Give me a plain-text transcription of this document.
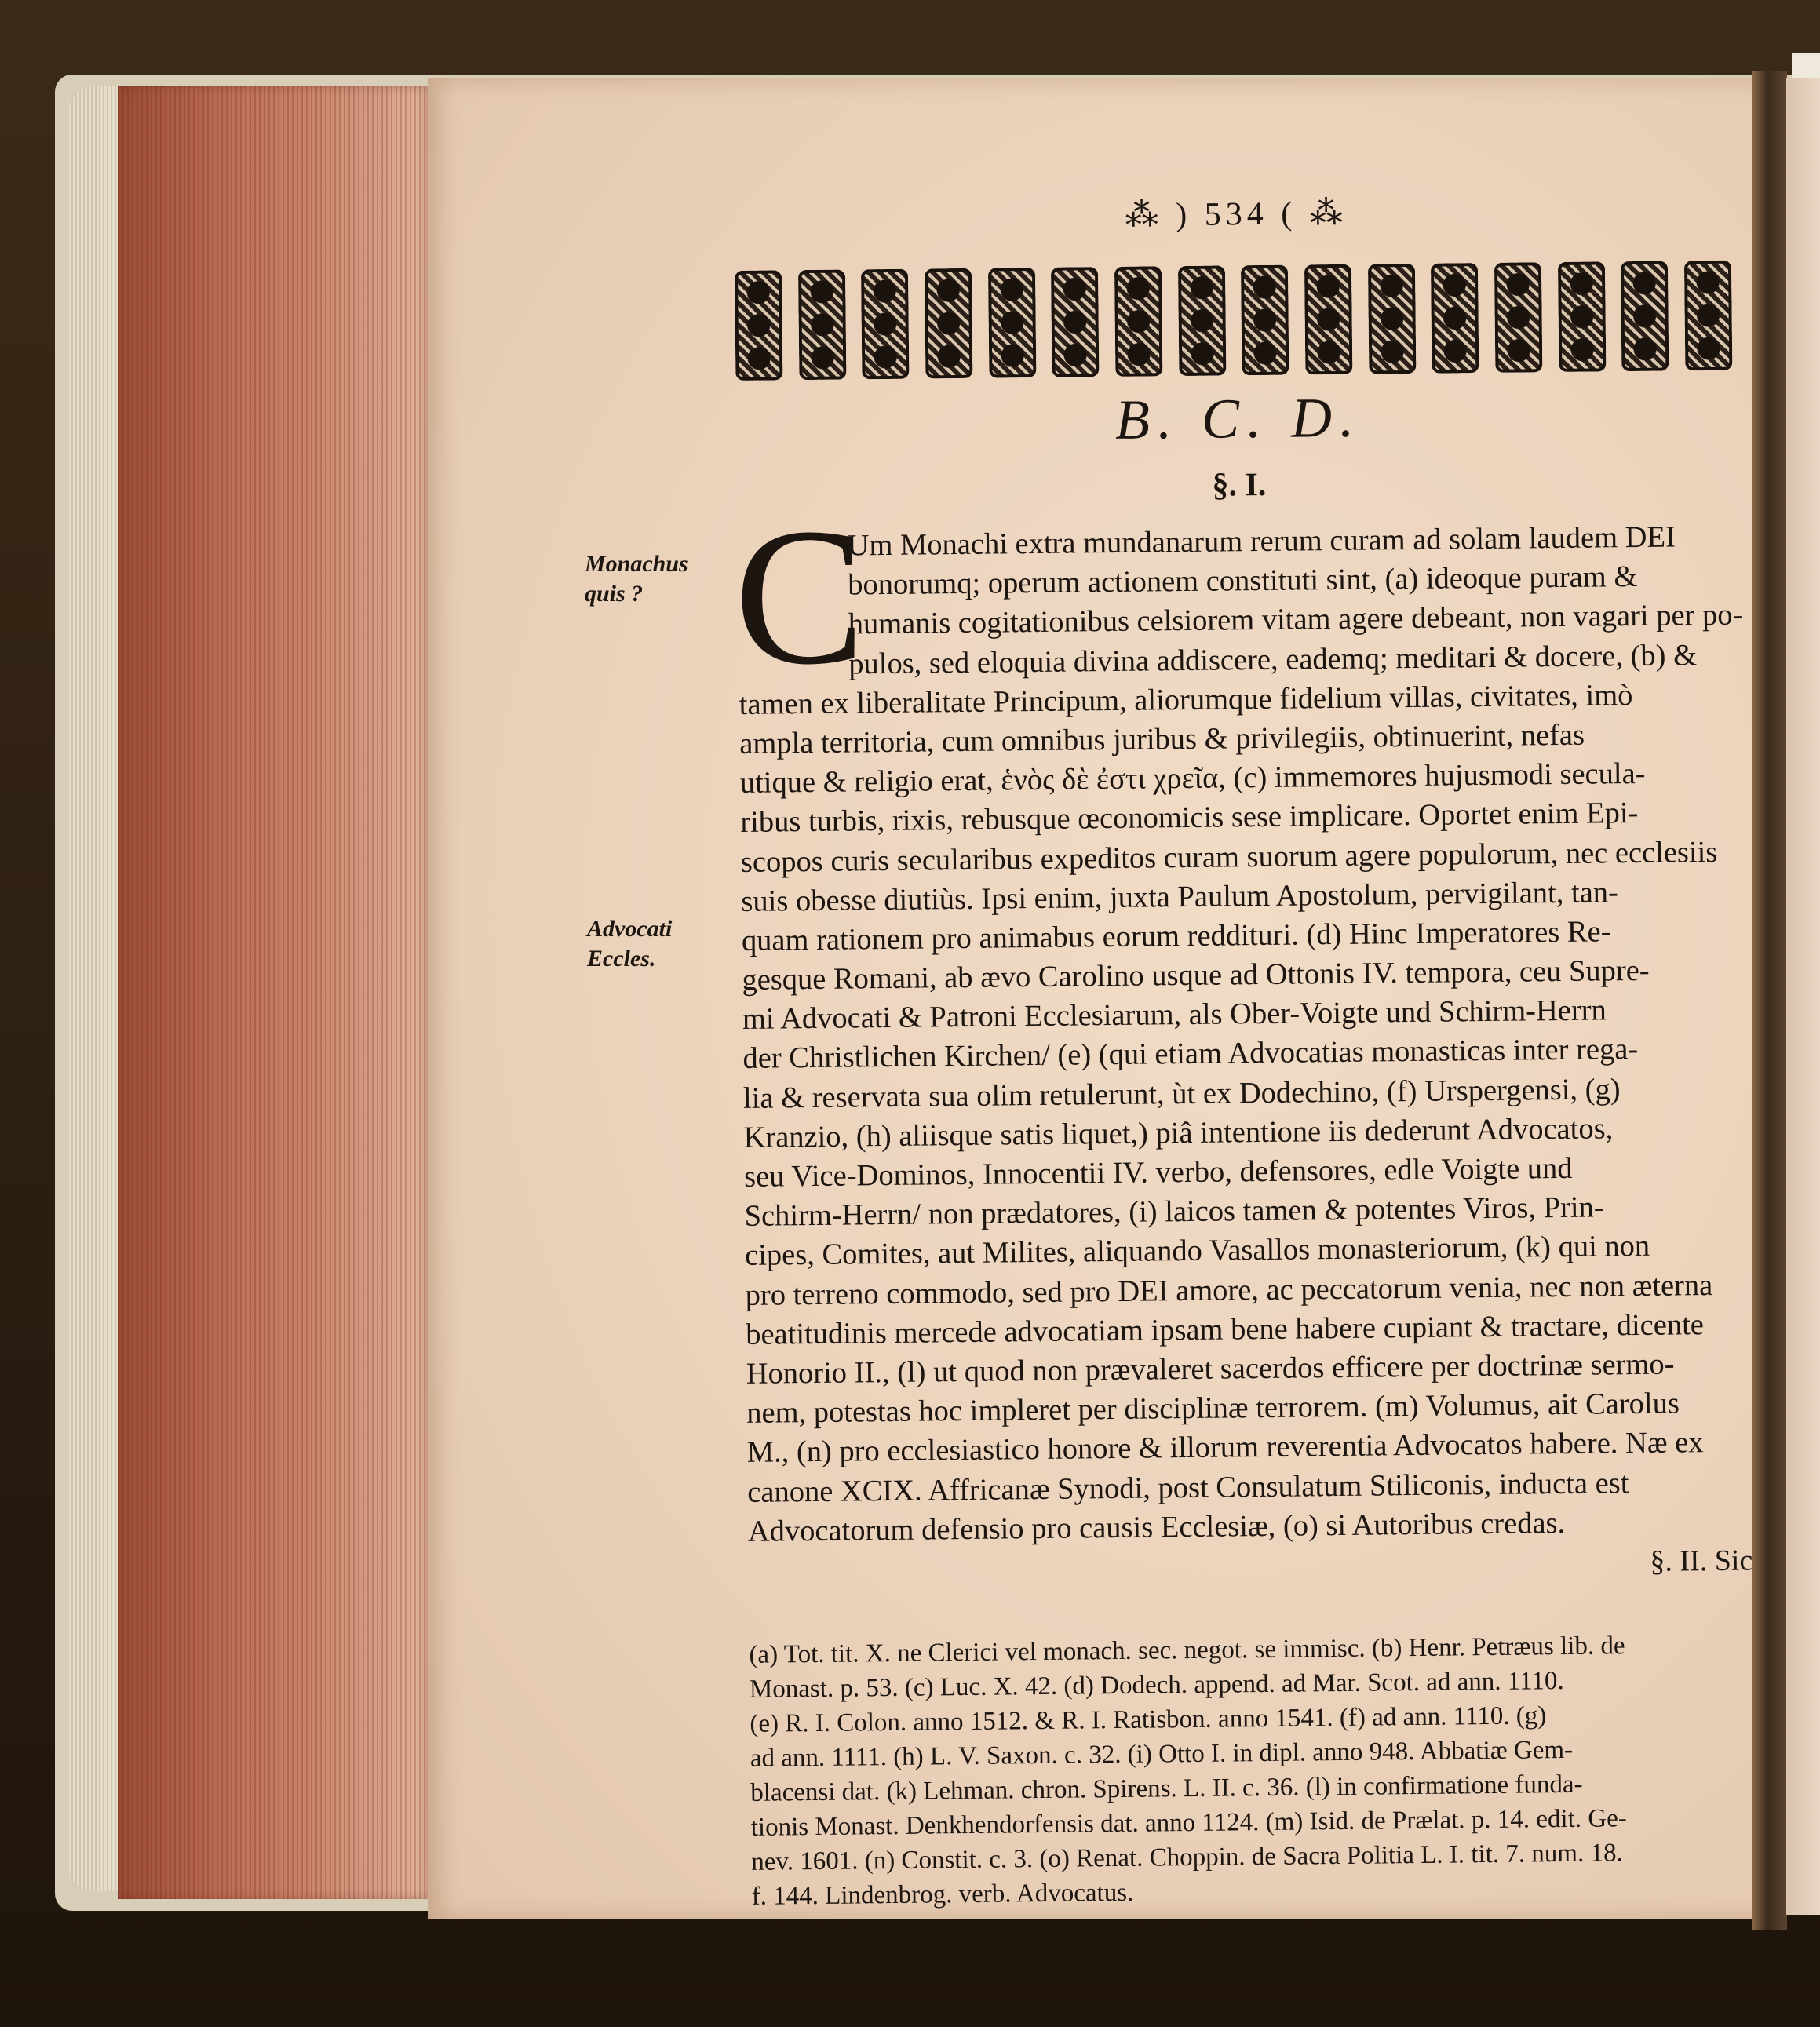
Monachus
quis ?
Advocati
Eccles.
⁂ ) 534 ( ⁂
B. C. D.
§. I.
C
Um Monachi extra mundanarum rerum curam ad solam laudem DEI
bonorumq; operum actionem constituti sint, (a) ideoque puram &
humanis cogitationibus celsiorem vitam agere debeant, non vagari per po-
pulos, sed eloquia divina addiscere, eademq; meditari & docere, (b) &
tamen ex liberalitate Principum, aliorumque fidelium villas, civitates, imò
ampla territoria, cum omnibus juribus & privilegiis, obtinuerint, nefas
utique & religio erat, ἑνὸς δὲ ἐστι χρεῖα, (c) immemores hujusmodi secula-
ribus turbis, rixis, rebusque œconomicis sese implicare. Oportet enim Epi-
scopos curis secularibus expeditos curam suorum agere populorum, nec ecclesiis
suis obesse diutiùs. Ipsi enim, juxta Paulum Apostolum, pervigilant, tan-
quam rationem pro animabus eorum reddituri. (d) Hinc Imperatores Re-
gesque Romani, ab ævo Carolino usque ad Ottonis IV. tempora, ceu Supre-
mi Advocati & Patroni Ecclesiarum, als Ober-Voigte und Schirm-Herrn
der Christlichen Kirchen/ (e) (qui etiam Advocatias monasticas inter rega-
lia & reservata sua olim retulerunt, ùt ex Dodechino, (f) Urspergensi, (g)
Kranzio, (h) aliisque satis liquet,) piâ intentione iis dederunt Advocatos,
seu Vice-Dominos, Innocentii IV. verbo, defensores, edle Voigte und
Schirm-Herrn/ non prædatores, (i) laicos tamen & potentes Viros, Prin-
cipes, Comites, aut Milites, aliquando Vasallos monasteriorum, (k) qui non
pro terreno commodo, sed pro DEI amore, ac peccatorum venia, nec non æterna
beatitudinis mercede advocatiam ipsam bene habere cupiant & tractare, dicente
Honorio II., (l) ut quod non prævaleret sacerdos efficere per doctrinæ sermo-
nem, potestas hoc impleret per disciplinæ terrorem. (m) Volumus, ait Carolus
M., (n) pro ecclesiastico honore & illorum reverentia Advocatos habere. Næ ex
canone XCIX. Affricanæ Synodi, post Consulatum Stiliconis, inducta est
Advocatorum defensio pro causis Ecclesiæ, (o) si Autoribus credas.
§. II. Sic
(a) Tot. tit. X. ne Clerici vel monach. sec. negot. se immisc. (b) Henr. Petræus lib. de
Monast. p. 53. (c) Luc. X. 42. (d) Dodech. append. ad Mar. Scot. ad ann. 1110.
(e) R. I. Colon. anno 1512. & R. I. Ratisbon. anno 1541. (f) ad ann. 1110. (g)
ad ann. 1111. (h) L. V. Saxon. c. 32. (i) Otto I. in dipl. anno 948. Abbatiæ Gem-
blacensi dat. (k) Lehman. chron. Spirens. L. II. c. 36. (l) in confirmatione funda-
tionis Monast. Denkhendorfensis dat. anno 1124. (m) Isid. de Prælat. p. 14. edit. Ge-
nev. 1601. (n) Constit. c. 3. (o) Renat. Choppin. de Sacra Politia L. I. tit. 7. num. 18.
f. 144. Lindenbrog. verb. Advocatus.
